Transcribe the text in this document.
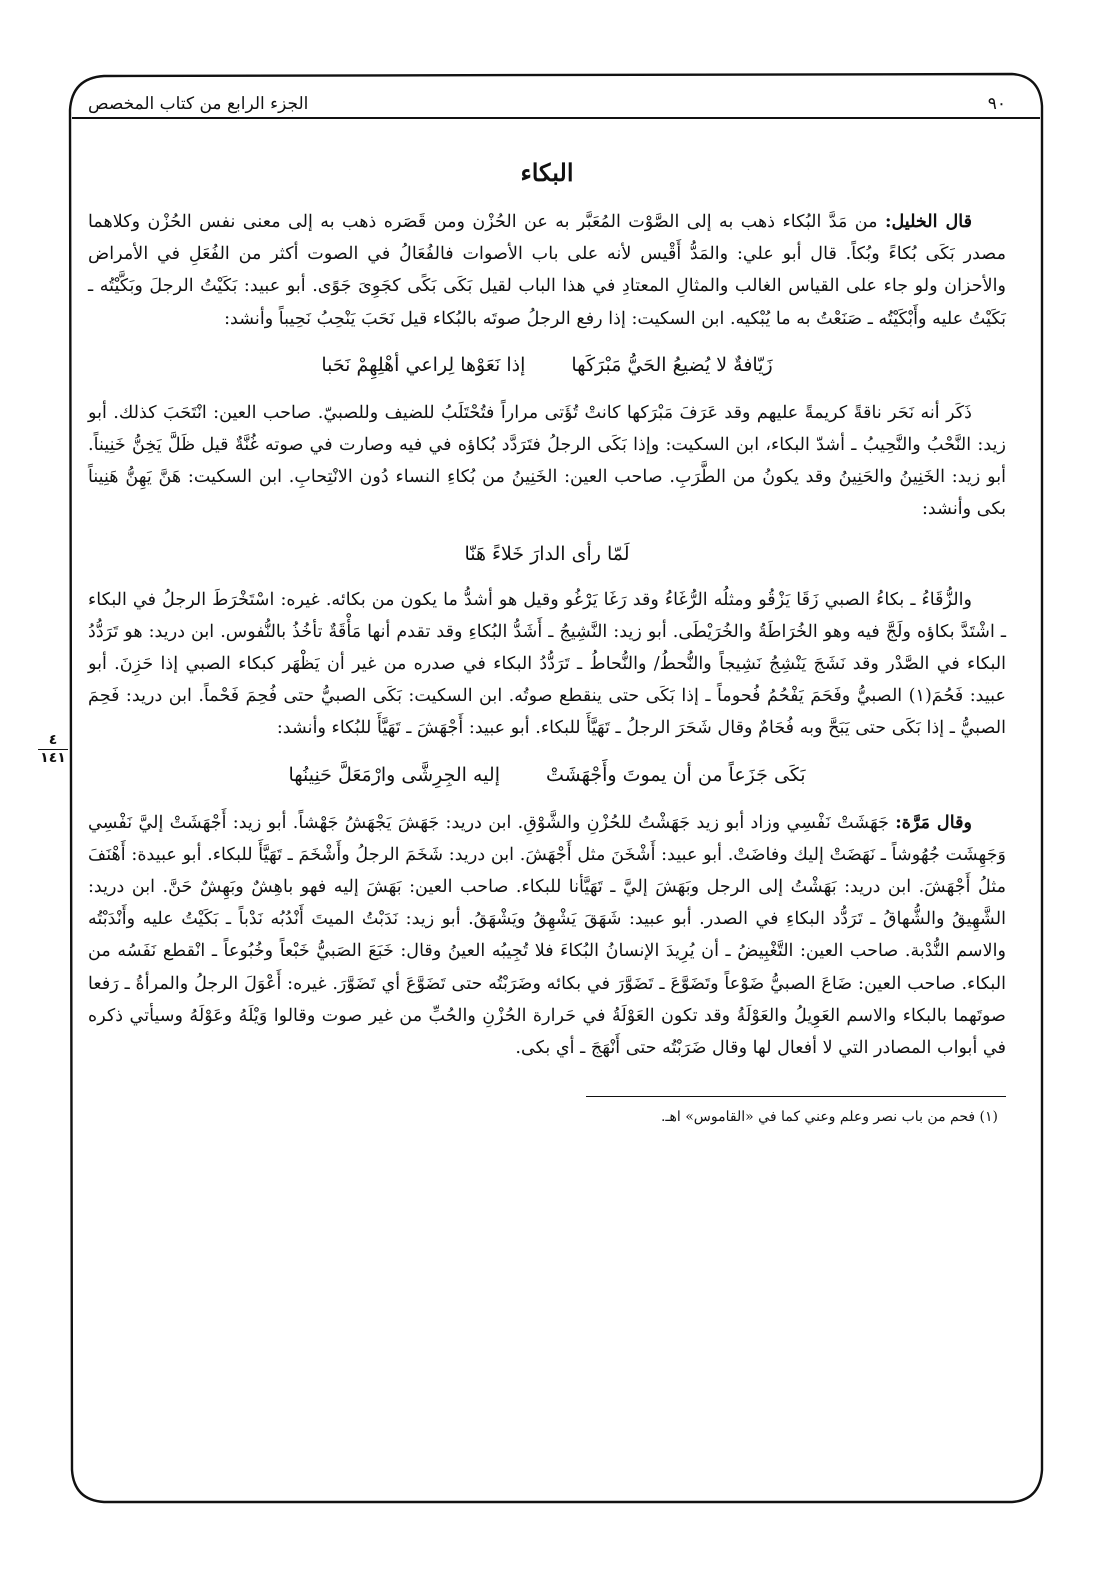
٩٠
الجزء الرابع من كتاب المخصص
البكاء

قال الخليل: من مَدَّ البُكاء ذهب به إلى الصَّوْت المُعَبَّر به عن الحُزْن ومن قَصَره ذهب به إلى معنى نفس الحُزْن وكلاهما مصدر بَكَى بُكاءً وبُكاً. قال أبو علي: والمَدُّ أَقْيس لأنه على باب الأصوات فالفُعَالُ في الصوت أكثر من الفُعَلِ في الأمراض والأحزان ولو جاء على القياس الغالب والمثالِ المعتادِ في هذا الباب لقيل بَكَى بَكًى كجَوِىَ جَوًى. أبو عبيد: بَكَيْتُ الرجلَ وبَكَّيْتُه ـ بَكَيْتُ عليه وأَبْكَيْتُه ـ صَنَعْتُ به ما يُبْكيه. ابن السكيت: إذا رفع الرجلُ صوتَه بالبُكاء قيل نَحَبَ يَنْحِبُ نَحِيباً وأنشد:

زَيّافةٌ لا يُضيعُ الحَيُّ مَبْرَكَها
إذا نَعَوْها لِراعي أهْلِهِمْ نَحَبا

ذَكَر أنه نَحَر ناقةً كريمةً عليهم وقد عَرَفَ مَبْرَكها كانتْ تُؤَتى مراراً فتُحْتَلَبُ للضيف وللصبيّ. صاحب العين: انْتَحَبَ كذلك. أبو زيد: النَّحْبُ والنَّحِيبُ ـ أشدّ البكاء، ابن السكيت: وإذا بَكَى الرجلُ فتَرَدَّد بُكاؤه في فيه وصارت في صوته غُنَّةٌ قيل ظَلَّ يَخِنُّ خَنِيناً. أبو زيد: الخَنِينُ والحَنِينُ وقد يكونُ من الطَّرَبِ. صاحب العين: الخَنِينُ من بُكاءِ النساء دُون الانْتِحابِ. ابن السكيت: هَنَّ يَهِنُّ هَنِيناً بكى وأنشد:

لَمّا رأى الدارَ خَلاءً هَنّا

والزُّقَاءُ ـ بكاءُ الصبي زَقَا يَزْقُو ومثلُه الرُّغَاءُ وقد رَغَا يَرْغُو وقيل هو أشدُّ ما يكون من بكائه. غيره: اسْتَخْرَطَ الرجلُ في البكاء ـ اشْتَدَّ بكاؤه ولَجَّ فيه وهو الخُرَاطَةُ والخُرَيْطَى. أبو زيد: النَّشِيجُ ـ أَشَدُّ البُكاءِ وقد تقدم أنها مَأْقَةٌ تأخُذُ بالنُّفوس. ابن دريد: هو تَرَدُّدُ البكاء في الصَّدْر وقد نَشَجَ يَنْشِجُ نَشِيجاً والنُّحطُ/ والنُّحاطُ ـ تَرَدُّدُ البكاء في صدره من غير أن يَظْهَر كبكاء الصبي إذا حَزِنَ. أبو عبيد: فَحُمَ(١) الصبيُّ وفَحَمَ يَفْحُمُ فُحوماً ـ إذا بَكَى حتى ينقطع صوتُه. ابن السكيت: بَكَى الصبيُّ حتى فُحِمَ فَحْماً. ابن دريد: فَحِمَ الصبيُّ ـ إذا بَكَى حتى يَبَحَّ وبه فُحَامٌ وقال شَحَرَ الرجلُ ـ تَهَيَّأَ للبكاء. أبو عبيد: أَجْهَشَ ـ تَهَيَّأَ للبُكاء وأنشد:

بَكَى جَزَعاً من أن يموتَ وأَجْهَشَتْ
إليه الجِرِشَّى وارْمَعَلَّ حَنِينُها

وقال مَرَّة: جَهَشَتْ نَفْسِي وزاد أبو زيد جَهَشْتُ للحُزْنِ والشَّوْقِ. ابن دريد: جَهَشَ يَجْهَشُ جَهْشاً. أبو زيد: أَجْهَشَتْ إليَّ نَفْسِي وَجَهِشَت جُهُوشاً ـ نَهَضَتْ إليك وفاضَتْ. أبو عبيد: أَشْخَنَ مثل أَجْهَشَ. ابن دريد: شَخَمَ الرجلُ وأَشْخَمَ ـ تَهَيَّأَ للبكاء. أبو عبيدة: أَهْنَفَ مثلُ أَجْهَشَ. ابن دريد: بَهَشْتُ إلى الرجل وبَهَشَ إليَّ ـ تَهَيَّأنا للبكاء. صاحب العين: بَهَشَ إليه فهو باهِشٌ وبَهِشٌ حَنَّ. ابن دريد: الشَّهِيقُ والشُّهاقُ ـ تَرَدُّد البكاءِ في الصدر. أبو عبيد: شَهَقَ يَشْهِقُ ويَشْهَقُ. أبو زيد: نَدَبْتُ الميتَ أَنْدُبُه نَدْباً ـ بَكَيْتُ عليه وأَنْدَبْتُه والاسم النُّدْبة. صاحب العين: التَّغْبِيضُ ـ أن يُرِيدَ الإنسانُ البُكاءَ فلا تُجِيبُه العينُ وقال: خَبَعَ الصَبيُّ خَبْعاً وخُبُوعاً ـ انْقطع نَفَسُه من البكاء. صاحب العين: ضَاعَ الصبيُّ ضَوْعاً وتَضَوَّعَ ـ تَضَوَّرَ في بكائه وضَرَبْتُه حتى تَضَوَّعَ أي تَضَوَّرَ. غيره: أَعْوَلَ الرجلُ والمرأةُ ـ رَفعا صوتَهما بالبكاء والاسم العَوِيلُ والعَوْلَةُ وقد تكون العَوْلَةُ في حَرارة الحُزْنِ والحُبِّ من غير صوت وقالوا وَيْلَهُ وعَوْلَهُ وسيأتي ذكره في أبواب المصادر التي لا أفعال لها وقال ضَرَبْتُه حتى أَنْهَجَ ـ أي بكى.

(١) فحم من باب نصر وعلم وعني كما في «القاموس» اهـ.
٤
١٤١
